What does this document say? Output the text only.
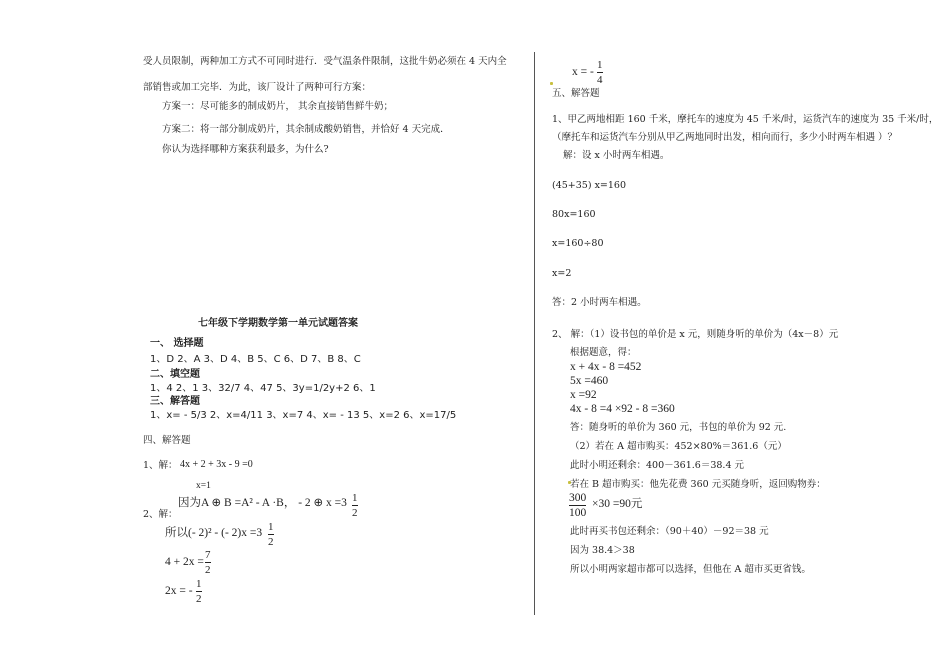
受人员限制，两种加工方式不可同时进行．受气温条件限制，这批牛奶必须在 4 天内全
部销售或加工完毕．为此，该厂设计了两种可行方案：
方案一：尽可能多的制成奶片， 其余直接销售鲜牛奶；
方案二：将一部分制成奶片，其余制成酸奶销售，并恰好 4 天完成．
你认为选择哪种方案获利最多，为什么?
七年级下学期数学第一单元试题答案
一、 选择题
1、D 2、A 3、D 4、B 5、C 6、D 7、B 8、C
二、填空题
1、4 2、1 3、32/7 4、47 5、3y=1/2y+2 6、1
三、解答题
1、x= - 5/3 2、x=4/11 3、x=7 4、x= - 13 5、x=2 6、x=17/5
四、解答题
1、解： 4x + 2 + 3x - 9 =0
x=1
因为A ⊕ B =A² - A ·B， - 2 ⊕ x =3 1
2
2、解：
所以(- 2)² - (- 2)x =3 1
2
4 + 2x =
7
2
2x = -
1
2
x = -
1
4
五、解答题
1、甲乙两地相距 160 千米，摩托车的速度为 45 千米/时，运货汽车的速度为 35 千米/时，
（摩托车和运货汽车分别从甲乙两地同时出发，相向而行，多少小时两车相遇 ）？
解：设 x 小时两车相遇。
(45+35) x=160
80x=160
x=160÷80
x=2
答：2 小时两车相遇。
2、 解：（1）设书包的单价是 x 元，则随身听的单价为（4x－8）元
根据题意，得：
x + 4x - 8 =452
5x =460
x =92
4x - 8 =4 ×92 - 8 =360
答：随身听的单价为 360 元，书包的单价为 92 元.
（2）若在 A 超市购买：452×80%＝361.6（元）
此时小明还剩余：400－361.6＝38.4 元
若在 B 超市购买：他先花费 360 元买随身听，返回购物券：
300
100
×30 =90元
此时再买书包还剩余：（90＋40）－92＝38 元
因为 38.4＞38
所以小明两家超市都可以选择，但他在 A 超市买更省钱。
